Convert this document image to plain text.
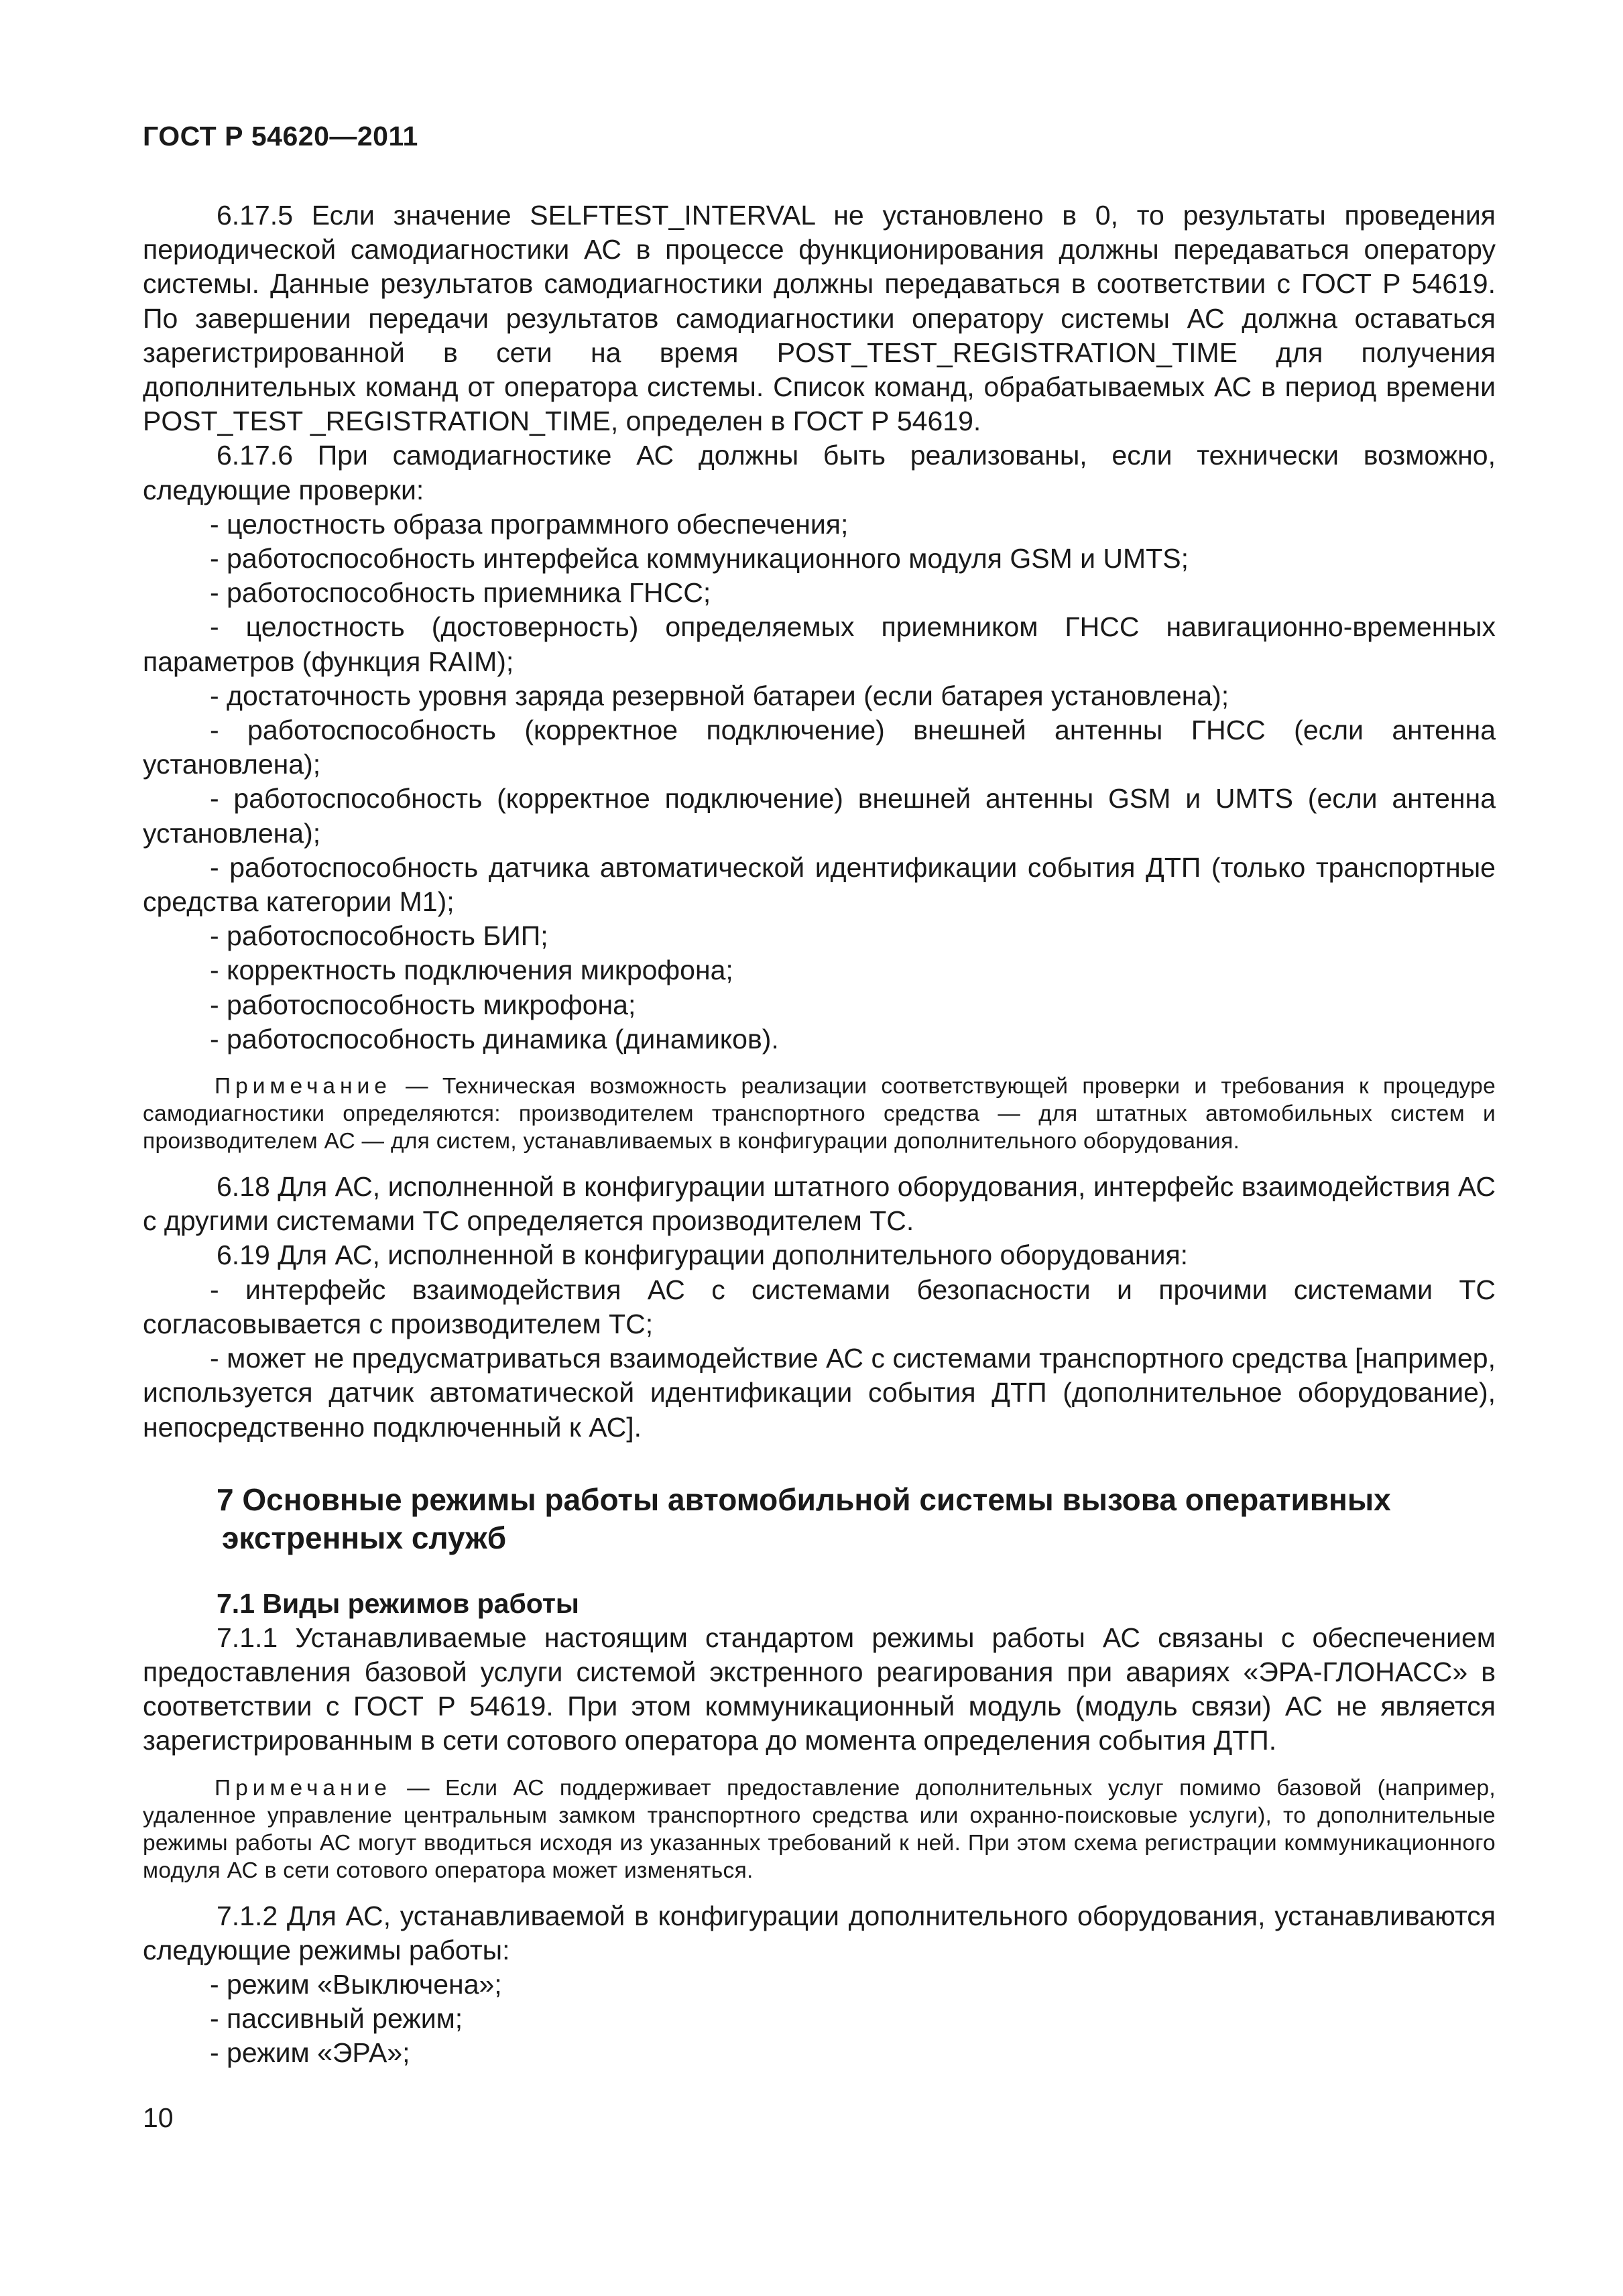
ГОСТ Р 54620—2011

6.17.5 Если значение SELFTEST_INTERVAL не установлено в 0, то результаты проведения периодической самодиагностики АС в процессе функционирования должны передаваться оператору системы. Данные результатов самодиагностики должны передаваться в соответствии с ГОСТ Р 54619. По завершении передачи результатов самодиагностики оператору системы АС должна оставаться зарегистрированной в сети на время POST_TEST_REGISTRATION_TIME для получения дополнительных команд от оператора системы. Список команд, обрабатываемых АС в период времени POST_TEST _REGISTRATION_TIME, определен в ГОСТ Р 54619.

6.17.6 При самодиагностике АС должны быть реализованы, если технически возможно, следующие проверки:

- целостность образа программного обеспечения;

- работоспособность интерфейса коммуникационного модуля GSM и UMTS;

- работоспособность приемника ГНСС;

- целостность (достоверность) определяемых приемником ГНСС навигационно-временных параметров (функция RAIM);

- достаточность уровня заряда резервной батареи (если батарея установлена);

- работоспособность (корректное подключение) внешней антенны ГНСС (если антенна установлена);

- работоспособность (корректное подключение) внешней антенны GSM и UMTS (если антенна установлена);

- работоспособность датчика автоматической идентификации события ДТП (только транспортные средства категории М1);

- работоспособность БИП;

- корректность подключения микрофона;

- работоспособность микрофона;

- работоспособность динамика (динамиков).

Примечание — Техническая возможность реализации соответствующей проверки и требования к процедуре самодиагностики определяются: производителем транспортного средства — для штатных автомобильных систем и производителем АС — для систем, устанавливаемых в конфигурации дополнительного оборудования.

6.18 Для АС, исполненной в конфигурации штатного оборудования, интерфейс взаимодействия АС с другими системами ТС определяется производителем ТС.

6.19 Для АС, исполненной в конфигурации дополнительного оборудования:

- интерфейс взаимодействия АС с системами безопасности и прочими системами ТС согласовывается с производителем ТС;

- может не предусматриваться взаимодействие АС с системами транспортного средства [например, используется датчик автоматической идентификации события ДТП (дополнительное оборудование), непосредственно подключенный к АС].

7 Основные режимы работы автомобильной системы вызова оперативных
экстренных служб

7.1 Виды режимов работы

7.1.1 Устанавливаемые настоящим стандартом режимы работы АС связаны с обеспечением предоставления базовой услуги системой экстренного реагирования при авариях «ЭРА-ГЛОНАСС» в соответствии с ГОСТ Р 54619. При этом коммуникационный модуль (модуль связи) АС не является зарегистрированным в сети сотового оператора до момента определения события ДТП.

Примечание — Если АС поддерживает предоставление дополнительных услуг помимо базовой (например, удаленное управление центральным замком транспортного средства или охранно-поисковые услуги), то дополнительные режимы работы АС могут вводиться исходя из указанных требований к ней. При этом схема регистрации коммуникационного модуля АС в сети сотового оператора может изменяться.

7.1.2 Для АС, устанавливаемой в конфигурации дополнительного оборудования, устанавливаются следующие режимы работы:

- режим «Выключена»;

- пассивный режим;

- режим «ЭРА»;

10
